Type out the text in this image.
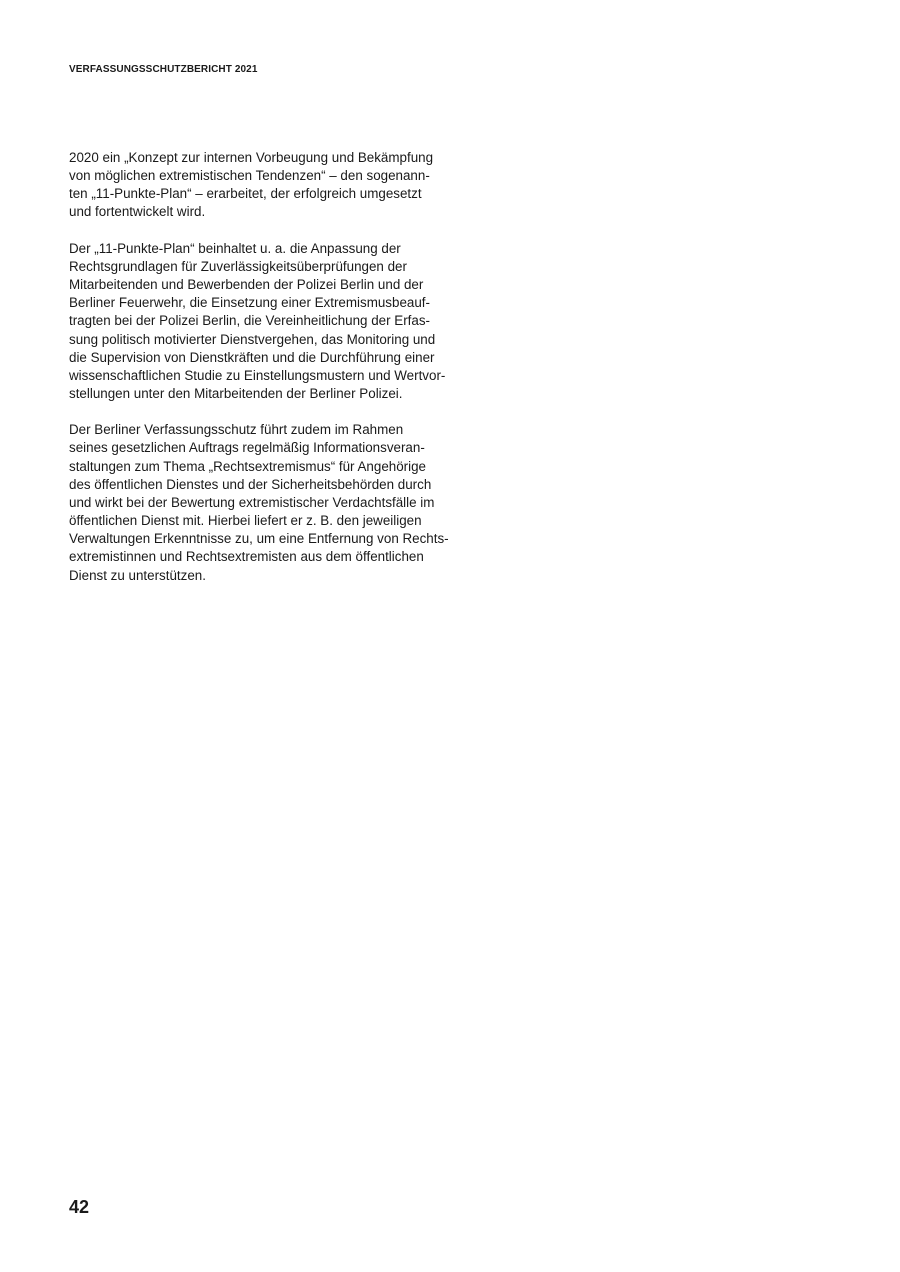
VERFASSUNGSSCHUTZBERICHT 2021
2020 ein „Konzept zur internen Vorbeugung und Bekämpfung
von möglichen extremistischen Tendenzen“ – den sogenann-
ten „11-Punkte-Plan“ – erarbeitet, der erfolgreich umgesetzt
und fortentwickelt wird.
Der „11-Punkte-Plan“ beinhaltet u. a. die Anpassung der
Rechtsgrundlagen für Zuverlässigkeitsüberprüfungen der
Mitarbeitenden und Bewerbenden der Polizei Berlin und der
Berliner Feuerwehr, die Einsetzung einer Extremismusbeauf-
tragten bei der Polizei Berlin, die Vereinheitlichung der Erfas-
sung politisch motivierter Dienstvergehen, das Monitoring und
die Supervision von Dienstkräften und die Durchführung einer
wissenschaftlichen Studie zu Einstellungsmustern und Wertvor-
stellungen unter den Mitarbeitenden der Berliner Polizei.
Der Berliner Verfassungsschutz führt zudem im Rahmen
seines gesetzlichen Auftrags regelmäßig Informationsveran-
staltungen zum Thema „Rechtsextremismus“ für Angehörige
des öffentlichen Dienstes und der Sicherheitsbehörden durch
und wirkt bei der Bewertung extremistischer Verdachtsfälle im
öffentlichen Dienst mit. Hierbei liefert er z. B. den jeweiligen
Verwaltungen Erkenntnisse zu, um eine Entfernung von Rechts-
extremistinnen und Rechtsextremisten aus dem öffentlichen
Dienst zu unterstützen.
42
